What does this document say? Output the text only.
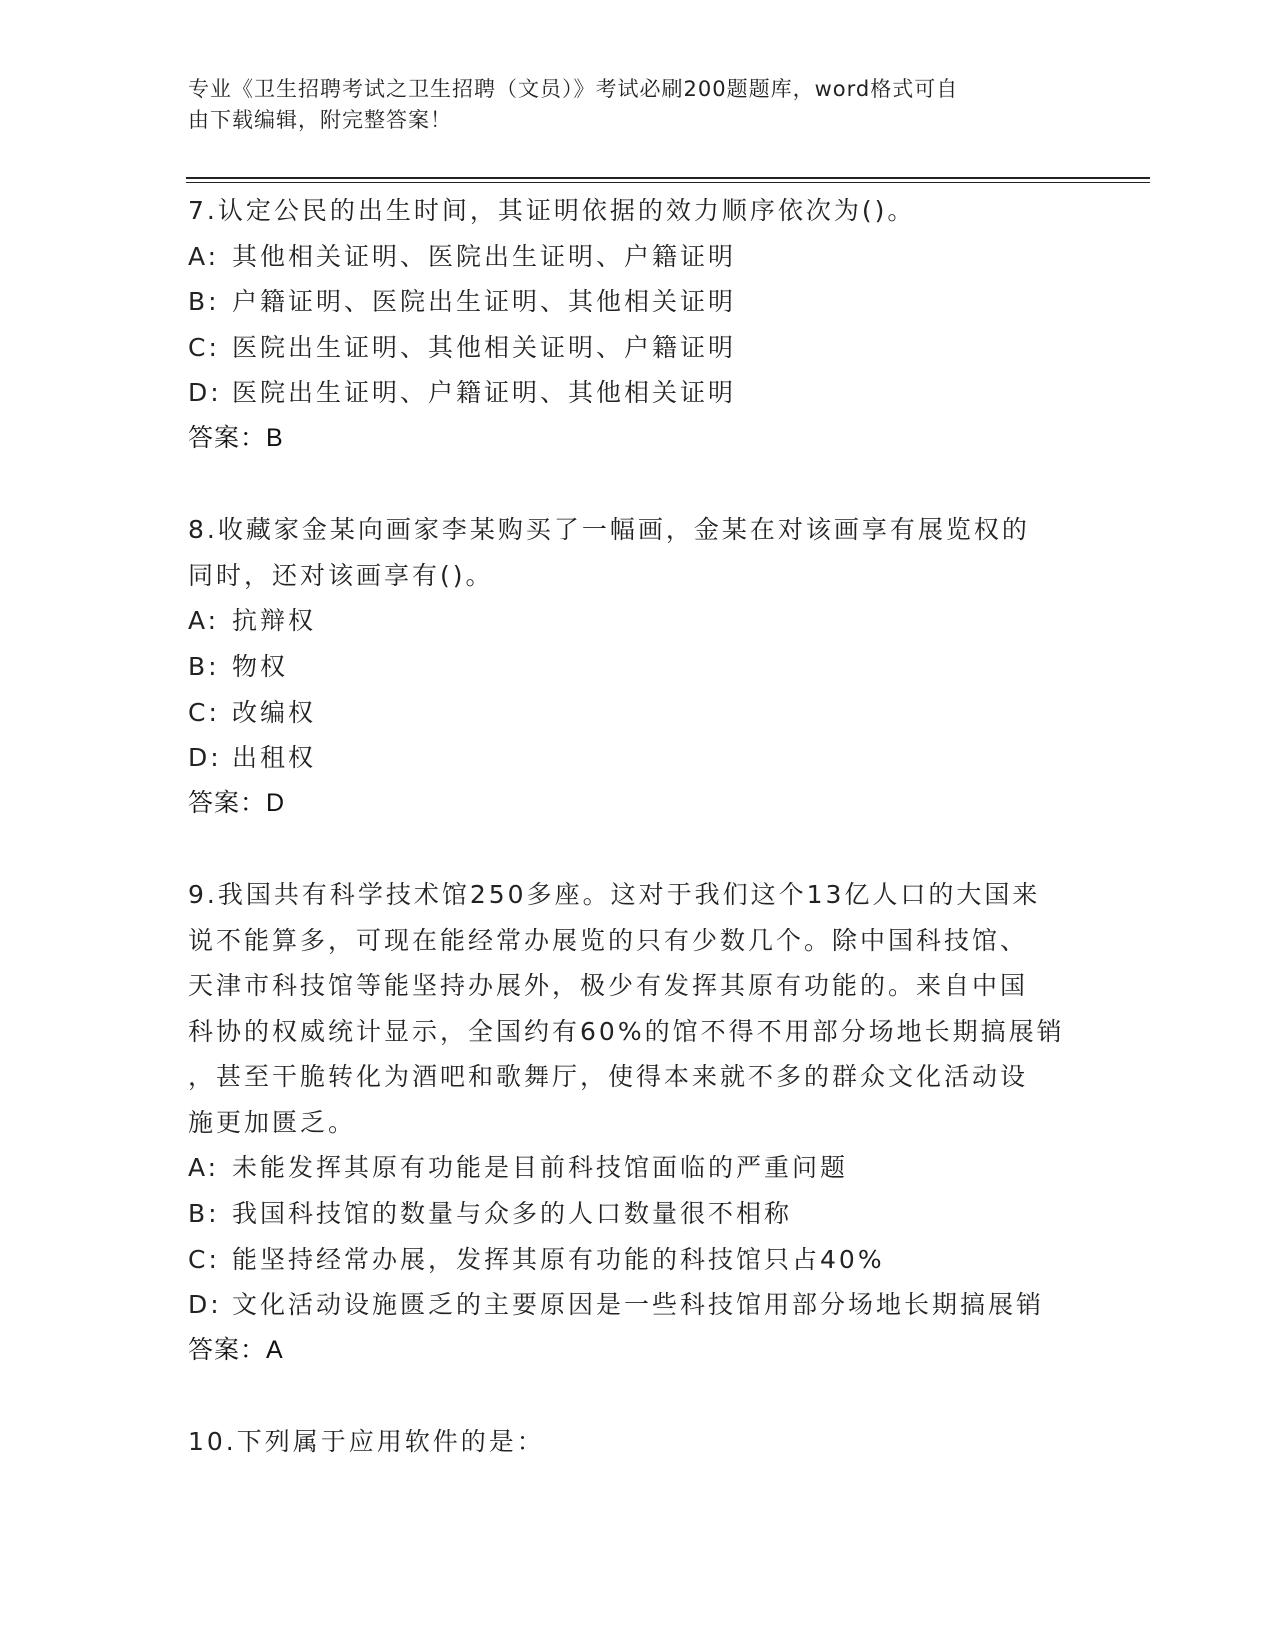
专业《卫生招聘考试之卫生招聘（文员）》考试必刷200题题库，word格式可自
由下载编辑，附完整答案！
7.认定公民的出生时间，其证明依据的效力顺序依次为()。
A: 其他相关证明、医院出生证明、户籍证明
B: 户籍证明、医院出生证明、其他相关证明
C: 医院出生证明、其他相关证明、户籍证明
D: 医院出生证明、户籍证明、其他相关证明
答案：B
8.收藏家金某向画家李某购买了一幅画，金某在对该画享有展览权的
同时，还对该画享有()。
A: 抗辩权
B: 物权
C: 改编权
D: 出租权
答案：D
9.我国共有科学技术馆250多座。这对于我们这个13亿人口的大国来
说不能算多，可现在能经常办展览的只有少数几个。除中国科技馆、
天津市科技馆等能坚持办展外，极少有发挥其原有功能的。来自中国
科协的权威统计显示，全国约有60%的馆不得不用部分场地长期搞展销
，甚至干脆转化为酒吧和歌舞厅，使得本来就不多的群众文化活动设
施更加匮乏。
A: 未能发挥其原有功能是目前科技馆面临的严重问题
B: 我国科技馆的数量与众多的人口数量很不相称
C: 能坚持经常办展，发挥其原有功能的科技馆只占40%
D: 文化活动设施匮乏的主要原因是一些科技馆用部分场地长期搞展销
答案：A
10.下列属于应用软件的是：
